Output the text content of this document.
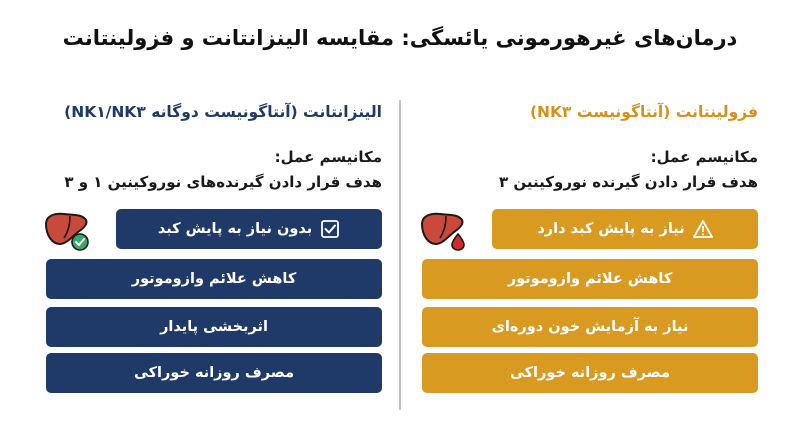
درمان‌های غیرهورمونی یائسگی: مقایسه الینزانتانت و فزولینتانت
فزولینتانت (آنتاگونیست NK۳)
مکانیسم عمل:
هدف قرار دادن گیرنده نوروکینین ۳
نیاز به پایش کبد دارد
کاهش علائم وازوموتور
نیاز به آزمایش خون دوره‌ای
مصرف روزانه خوراکی
الینزانتانت (آنتاگونیست دوگانه NK۱/NK۳)
مکانیسم عمل:
هدف قرار دادن گیرنده‌های نوروکینین ۱ و ۳
بدون نیاز به پایش کبد
کاهش علائم وازوموتور
اثربخشی پایدار
مصرف روزانه خوراکی
